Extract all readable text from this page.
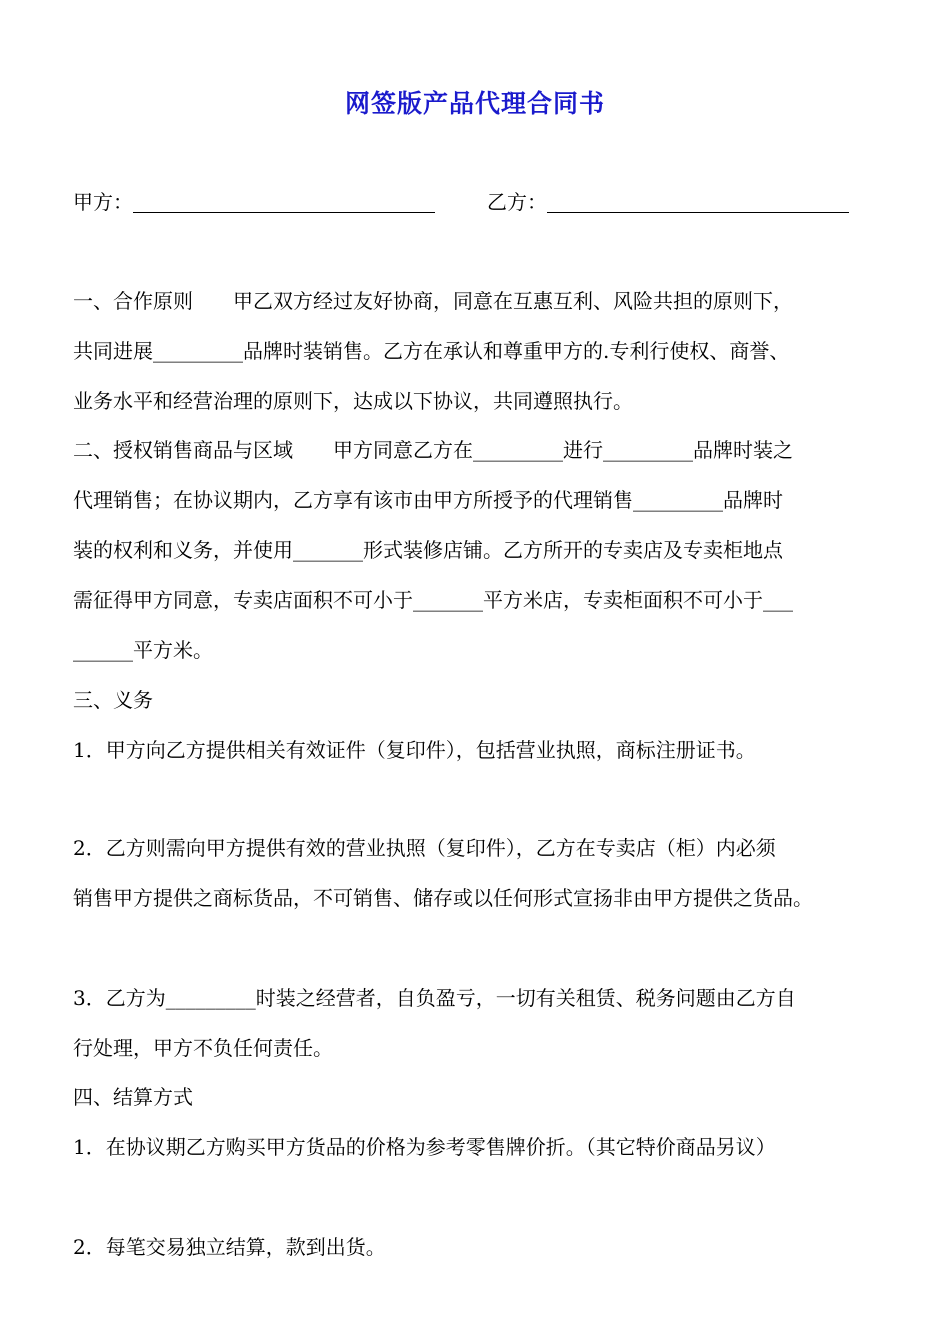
网签版产品代理合同书
甲方：	乙方：
一、合作原则　　甲乙双方经过友好协商，同意在互惠互利、风险共担的原则下，
共同进展_________品牌时装销售。乙方在承认和尊重甲方的.专利行使权、商誉、
业务水平和经营治理的原则下，达成以下协议，共同遵照执行。
二、授权销售商品与区域　　甲方同意乙方在_________进行_________品牌时装之
代理销售；在协议期内，乙方享有该市由甲方所授予的代理销售_________品牌时
装的权利和义务，并使用_______形式装修店铺。乙方所开的专卖店及专卖柜地点
需征得甲方同意，专卖店面积不可小于_______平方米店，专卖柜面积不可小于___
______平方米。
三、义务
1．甲方向乙方提供相关有效证件（复印件），包括营业执照，商标注册证书。
2．乙方则需向甲方提供有效的营业执照（复印件），乙方在专卖店（柜）内必须
销售甲方提供之商标货品，不可销售、储存或以任何形式宣扬非由甲方提供之货品。
3．乙方为_________时装之经营者，自负盈亏，一切有关租赁、税务问题由乙方自
行处理，甲方不负任何责任。
四、结算方式
1．在协议期乙方购买甲方货品的价格为参考零售牌价折。（其它特价商品另议）
2．每笔交易独立结算，款到出货。
